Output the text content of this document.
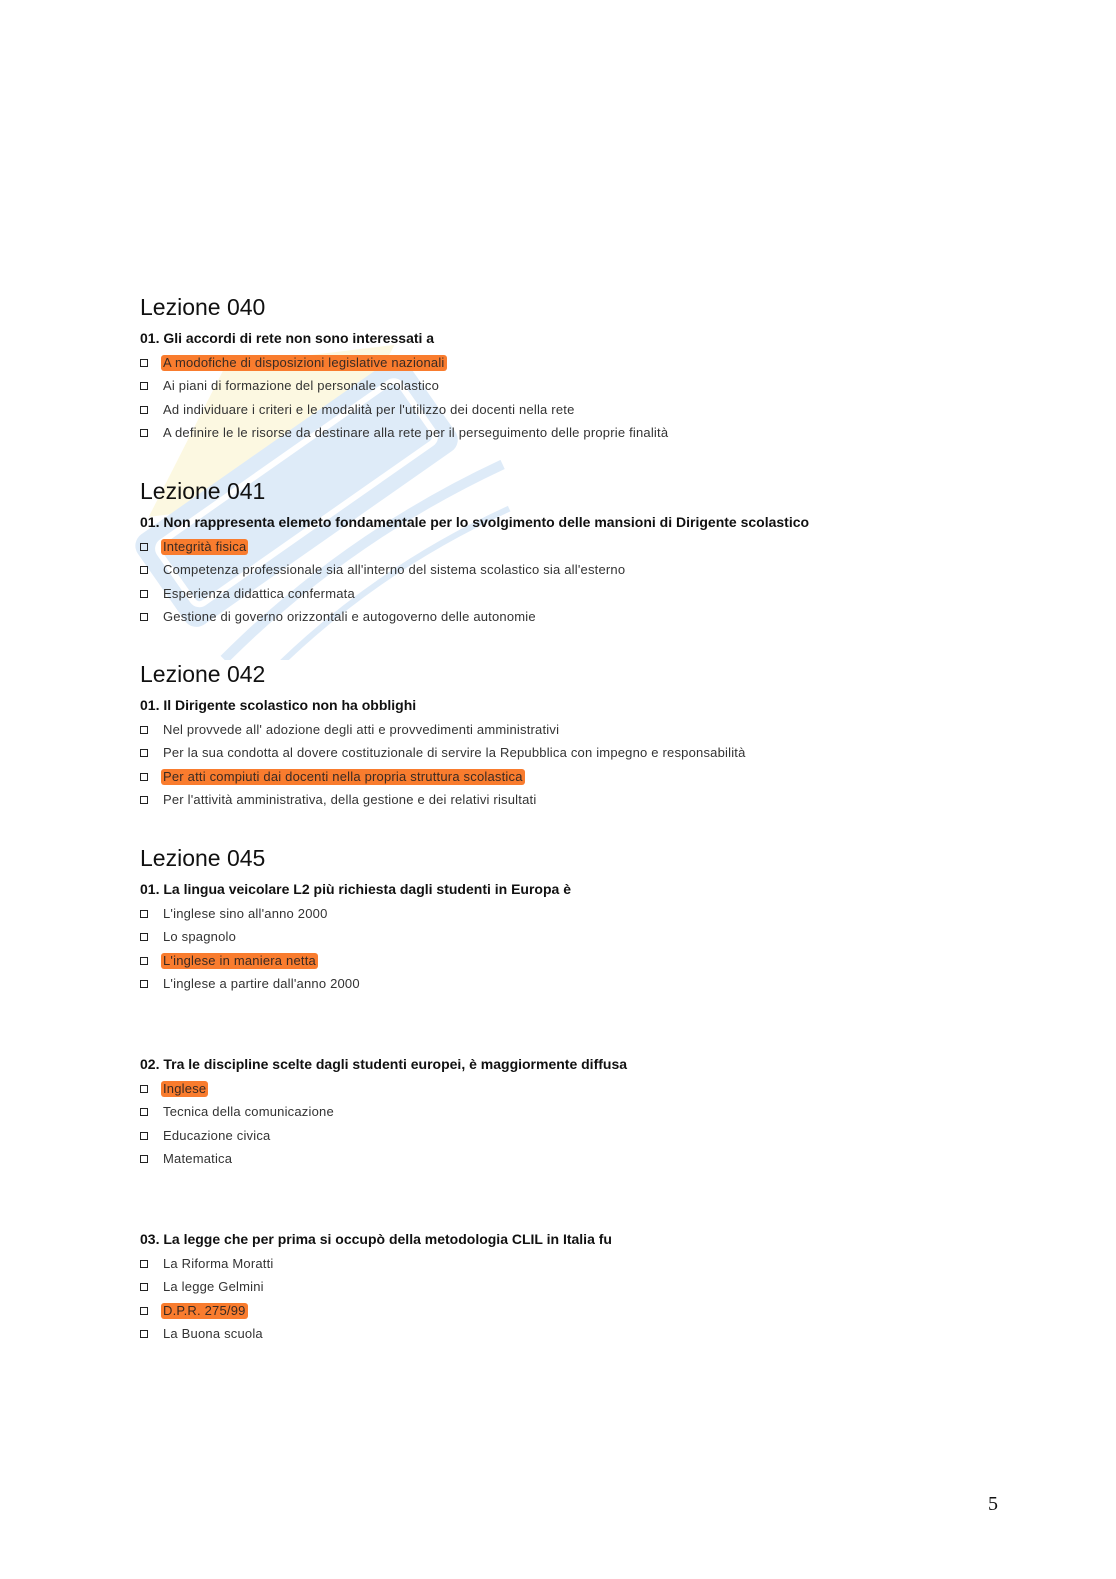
Lezione 040
01. Gli accordi di rete non sono interessati a
A modofiche di disposizioni legislative nazionali
Ai piani di formazione del personale scolastico
Ad individuare i criteri e le modalità per l'utilizzo dei docenti nella rete
A definire le le risorse da destinare alla rete per il perseguimento delle proprie finalità
Lezione 041
01. Non rappresenta elemeto fondamentale per lo svolgimento delle mansioni di Dirigente scolastico
Integrità fisica
Competenza professionale sia all'interno del sistema scolastico sia all'esterno
Esperienza didattica confermata
Gestione di governo orizzontali e autogoverno delle autonomie
Lezione 042
01. Il Dirigente scolastico non ha obblighi
Nel provvede all' adozione degli atti e provvedimenti amministrativi
Per la sua condotta al dovere costituzionale di servire la Repubblica con impegno e responsabilità
Per atti compiuti dai docenti nella propria struttura scolastica
Per l'attività amministrativa, della gestione e dei relativi risultati
Lezione 045
01. La lingua veicolare L2 più richiesta dagli studenti in Europa è
L'inglese sino all'anno 2000
Lo spagnolo
L'inglese in maniera netta
L'inglese a partire dall'anno 2000
02. Tra le discipline scelte dagli studenti europei, è maggiormente diffusa
Inglese
Tecnica della comunicazione
Educazione civica
Matematica
03. La legge che per prima si occupò della metodologia CLIL in Italia fu
La Riforma Moratti
La legge Gelmini
D.P.R. 275/99
La Buona scuola
5
